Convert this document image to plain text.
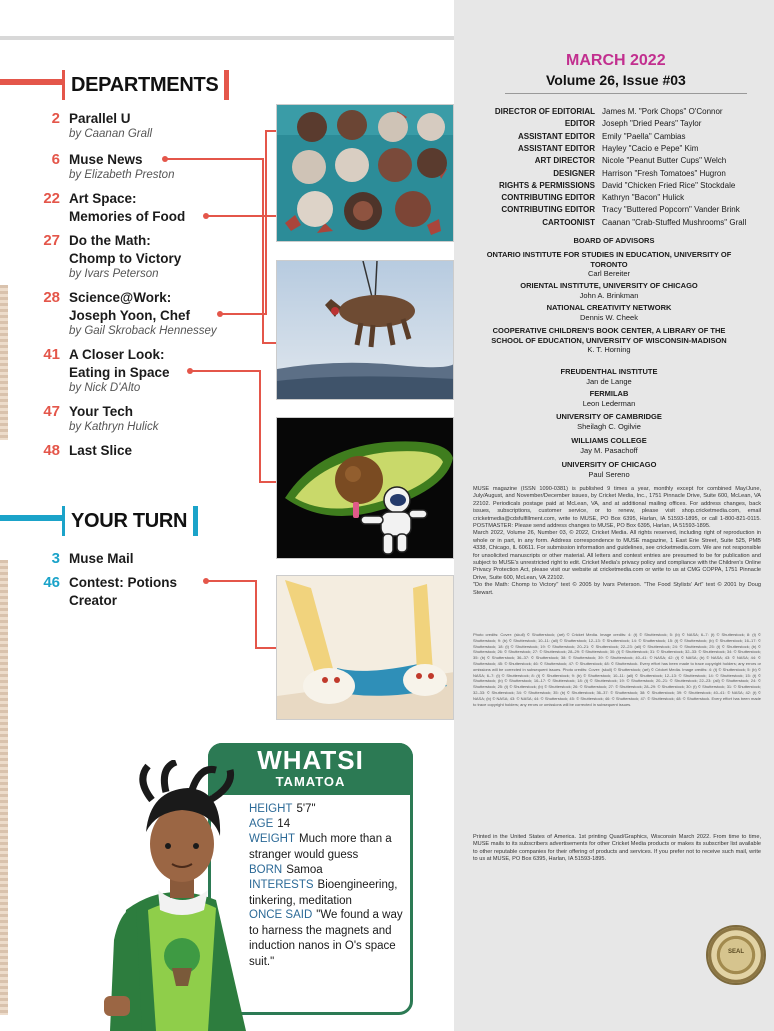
DEPARTMENTS
2 Parallel U
by Caanan Grall
6 Muse News
by Elizabeth Preston
22 Art Space:
Memories of Food
27 Do the Math:
Chomp to Victory
by Ivars Peterson
28 Science@Work:
Joseph Yoon, Chef
by Gail Skroback Hennessey
41 A Closer Look:
Eating in Space
by Nick D'Alto
47 Your Tech
by Kathryn Hulick
48 Last Slice
YOUR TURN
3 Muse Mail
46 Contest: Potions
Creator
WHATSI
TAMATOA
HEIGHT 5'7"
AGE 14
WEIGHT Much more than a stranger would guess
BORN Samoa
INTERESTS Bioengineering, tinkering, meditation
ONCE SAID "We found a way to harness the magnets and induction nanos in O's space suit."
MARCH 2022
Volume 26, Issue #03
DIRECTOR OF EDITORIAL James M. "Pork Chops" O'Connor
EDITOR Joseph "Dried Pears" Taylor
ASSISTANT EDITOR Emily "Paella" Cambias
ASSISTANT EDITOR Hayley "Cacio e Pepe" Kim
ART DIRECTOR Nicole "Peanut Butter Cups" Welch
DESIGNER Harrison "Fresh Tomatoes" Hugron
RIGHTS & PERMISSIONS David "Chicken Fried Rice" Stockdale
CONTRIBUTING EDITOR Kathryn "Bacon" Hulick
CONTRIBUTING EDITOR Tracy "Buttered Popcorn" Vander Brink
CARTOONIST Caanan "Crab-Stuffed Mushrooms" Grall
BOARD OF ADVISORS
ONTARIO INSTITUTE FOR STUDIES IN EDUCATION, UNIVERSITY OF TORONTO
Carl Bereiter
ORIENTAL INSTITUTE, UNIVERSITY OF CHICAGO
John A. Brinkman
NATIONAL CREATIVITY NETWORK
Dennis W. Cheek
COOPERATIVE CHILDREN'S BOOK CENTER, A LIBRARY OF THE SCHOOL OF EDUCATION, UNIVERSITY OF WISCONSIN-MADISON
K. T. Horning
FREUDENTHAL INSTITUTE
Jan de Lange
FERMILAB
Leon Lederman
UNIVERSITY OF CAMBRIDGE
Sheilagh C. Ogilvie
WILLIAMS COLLEGE
Jay M. Pasachoff
UNIVERSITY OF CHICAGO
Paul Sereno

MUSE magazine (ISSN 1090-0381) is published 9 times a year, monthly except for combined May/June, July/August, and November/December issues, by Cricket Media, Inc., 1751 Pinnacle Drive, Suite 600, McLean, VA 22102. Periodicals postage paid at McLean, VA, and at additional mailing offices. For address changes, back issues, subscriptions, customer service, or to renew, please visit shop.cricketmedia.com, email cricketmedia@cdsfulfillment.com, write to MUSE, PO Box 6395, Harlan, IA 51593-1895, or call 1-800-821-0115. POSTMASTER: Please send address changes to MUSE, PO Box 6395, Harlan, IA 51593-1895.

March 2022, Volume 26, Number 03, © 2022, Cricket Media. All rights reserved, including right of reproduction in whole or in part, in any form. Address correspondence to MUSE magazine, 1 East Erie Street, Suite 525, PMB 4338, Chicago, IL 60611. For submission information and guidelines, see cricketmedia.com. We are not responsible for unsolicited manuscripts or other material. All letters and contest entries are presumed to be for publication and subject to MUSE's unrestricted right to edit. Cricket Media's privacy policy and compliance with the Children's Online Privacy Protection Act, please visit our website at cricketmedia.com or write to us at CMG COPPA, 1751 Pinnacle Drive, Suite 600, McLean, VA 22102.

"Do the Math: Chomp to Victory" text © 2005 by Ivars Peterson. "The Food Stylists' Art" text © 2001 by Doug Stewart.

Photo credits: Cover: (skull) © Shutterstock; (art) © Cricket Media. Image credits: 4: (t) © Shutterstock; 5: (b) © NASA; 6–7: (t) © Shutterstock; 8: (t) © Shutterstock; 9: (b) © Shutterstock; 10–11: (all) © Shutterstock; 12–13: © Shutterstock; 14: © Shutterstock; 15: (t) © Shutterstock; (b) © Shutterstock; 16–17: © Shutterstock; 18: (t) © Shutterstock; 19: © Shutterstock; 20–21: © Shutterstock; 22–23: (all) © Shutterstock; 24: © Shutterstock; 25: (t) © Shutterstock; (b) © Shutterstock; 26: © Shutterstock; 27: © Shutterstock; 28–29: © Shutterstock; 30: (t) © Shutterstock; 31: © Shutterstock; 32–33: © Shutterstock; 34: © Shutterstock; 35: (b) © Shutterstock; 36–37: © Shutterstock; 38: © Shutterstock; 39: © Shutterstock; 40–41: © NASA; 42: (t) © NASA; (b) © NASA; 43: © NASA; 44: © Shutterstock; 45: © Shutterstock; 46: © Shutterstock; 47: © Shutterstock; 48: © Shutterstock. Every effort has been made to trace copyright holders; any errors or omissions will be corrected in subsequent issues. Photo credits: Cover: (skull) © Shutterstock; (art) © Cricket Media. Image credits: 4: (t) © Shutterstock; 5: (b) © NASA; 6–7: (t) © Shutterstock; 8: (t) © Shutterstock; 9: (b) © Shutterstock; 10–11: (all) © Shutterstock; 12–13: © Shutterstock; 14: © Shutterstock; 15: (t) © Shutterstock; (b) © Shutterstock; 16–17: © Shutterstock; 18: (t) © Shutterstock; 19: © Shutterstock; 20–21: © Shutterstock; 22–23: (all) © Shutterstock; 24: © Shutterstock; 25: (t) © Shutterstock; (b) © Shutterstock; 26: © Shutterstock; 27: © Shutterstock; 28–29: © Shutterstock; 30: (t) © Shutterstock; 31: © Shutterstock; 32–33: © Shutterstock; 34: © Shutterstock; 35: (b) © Shutterstock; 36–37: © Shutterstock; 38: © Shutterstock; 39: © Shutterstock; 40–41: © NASA; 42: (t) © NASA; (b) © NASA; 43: © NASA; 44: © Shutterstock; 45: © Shutterstock; 46: © Shutterstock; 47: © Shutterstock; 48: © Shutterstock. Every effort has been made to trace copyright holders; any errors or omissions will be corrected in subsequent issues.
Printed in the United States of America. 1st printing Quad/Graphics, Wisconsin March 2022. From time to time, MUSE mails to its subscribers advertisements for other Cricket Media products or makes its subscriber list available to other reputable companies for their offering of products and services. If you prefer not to receive such mail, write to us at MUSE, PO Box 6395, Harlan, IA 51593-1895.
SEAL
